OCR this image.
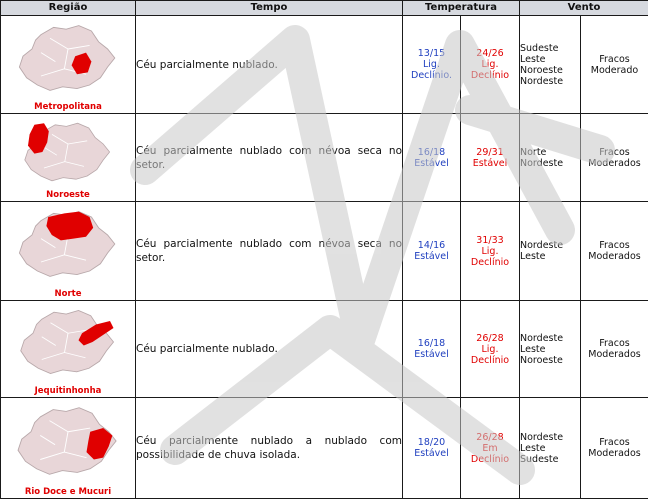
Região	Tempo	Temperatura		Vento	

Metropolitana	Céu parcialmente nublado.	13/15
Lig.
Declínio.	24/26
Lig.
Declínio	Sudeste
Leste
Noroeste
Nordeste	Fracos
Moderado

Noroeste	Céu parcialmente nublado com névoa seca no setor.	16/18
Estável	29/31
Estável	Norte
Nordeste	Fracos
Moderados

Norte	Céu parcialmente nublado com névoa seca no setor.	14/16
Estável	31/33
Lig.
Declínio	Nordeste
Leste	Fracos
Moderados

Jequitinhonha	Céu parcialmente nublado.	16/18
Estável	26/28
Lig.
Declínio	Nordeste
Leste
Noroeste	Fracos
Moderados

Rio Doce e Mucuri	Céu parcialmente nublado a nublado com possibilidade de chuva isolada.	18/20
Estável	26/28
Em
Declínio	Nordeste
Leste
Sudeste	Fracos
Moderados
